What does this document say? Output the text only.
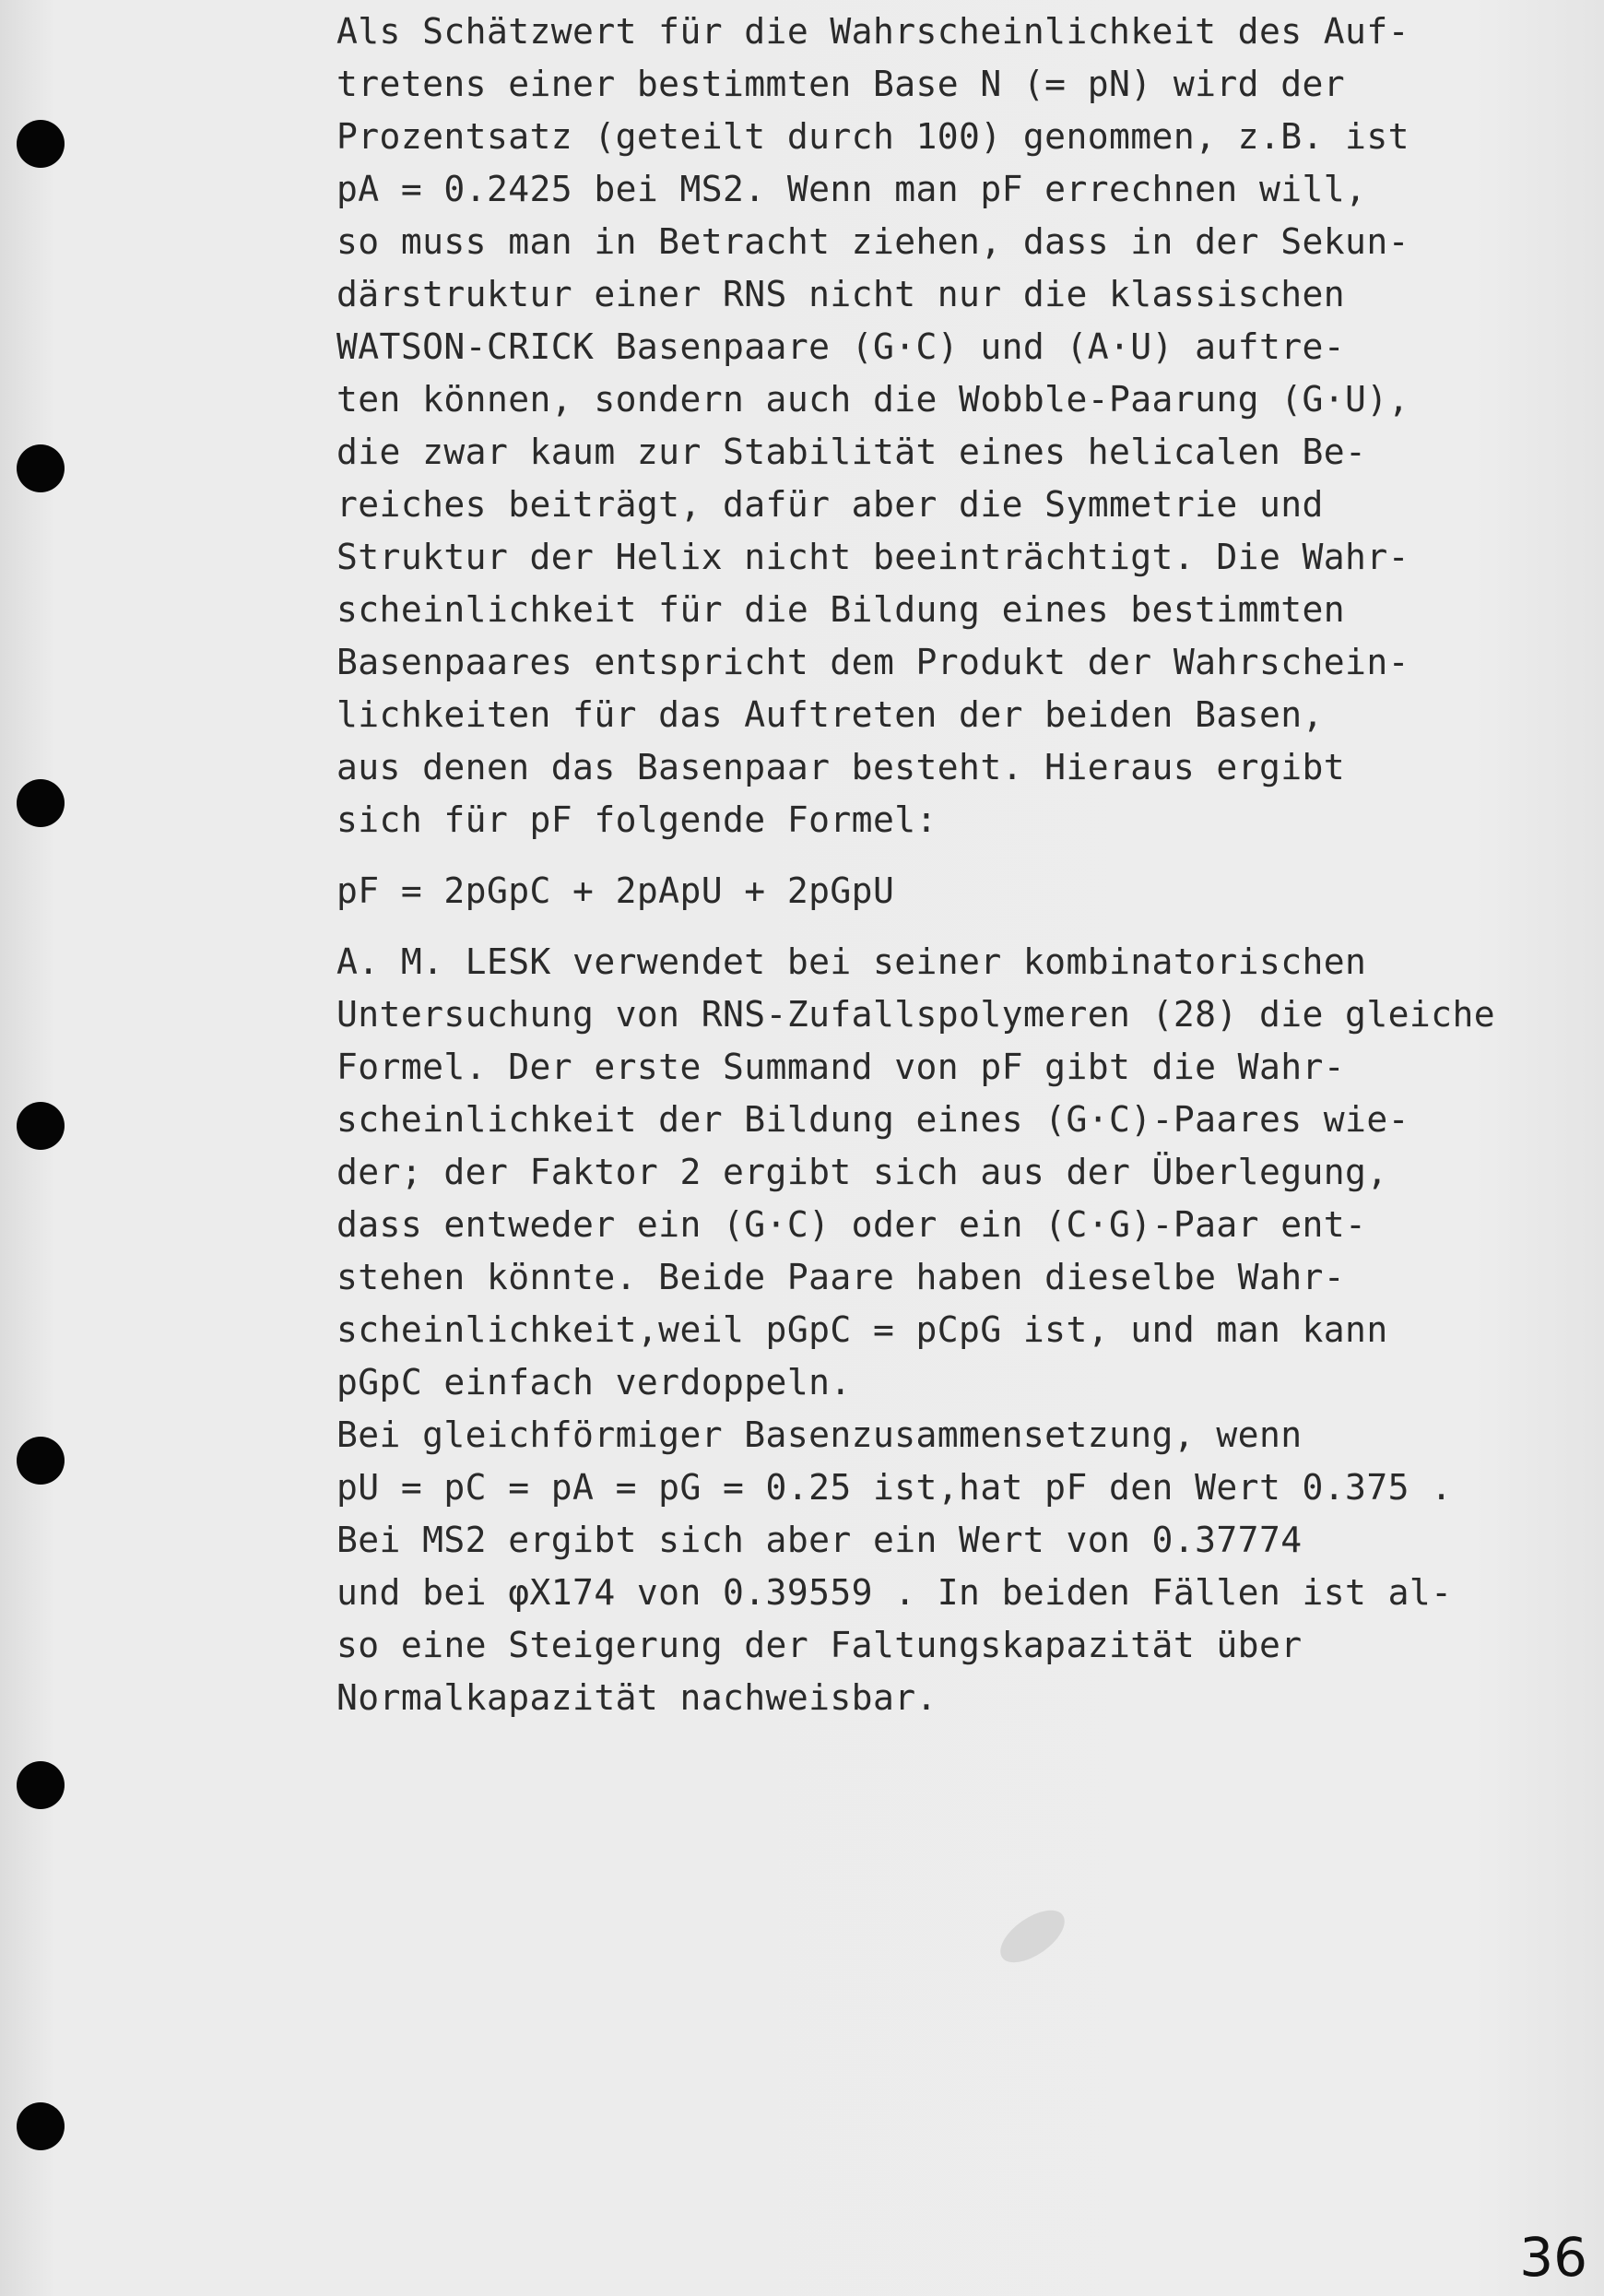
Als Schätzwert für die Wahrscheinlichkeit des Auf-
tretens einer bestimmten Base N (= pN) wird der
Prozentsatz (geteilt durch 100) genommen, z.B. ist
pA = 0.2425 bei MS2. Wenn man pF errechnen will,
so muss man in Betracht ziehen, dass in der Sekun-
därstruktur einer RNS nicht nur die klassischen
WATSON-CRICK Basenpaare (G·C) und (A·U) auftre-
ten können, sondern auch die Wobble-Paarung (G·U),
die zwar kaum zur Stabilität eines helicalen Be-
reiches beiträgt, dafür aber die Symmetrie und
Struktur der Helix nicht beeinträchtigt. Die Wahr-
scheinlichkeit für die Bildung eines bestimmten
Basenpaares entspricht dem Produkt der Wahrschein-
lichkeiten für das Auftreten der beiden Basen,
aus denen das Basenpaar besteht. Hieraus ergibt
sich für pF folgende Formel:
pF = 2pGpC + 2pApU + 2pGpU
A. M. LESK verwendet bei seiner kombinatorischen
Untersuchung von RNS-Zufallspolymeren (28) die gleiche
Formel. Der erste Summand von pF gibt die Wahr-
scheinlichkeit der Bildung eines (G·C)-Paares wie-
der; der Faktor 2 ergibt sich aus der Überlegung,
dass entweder ein (G·C) oder ein (C·G)-Paar ent-
stehen könnte. Beide Paare haben dieselbe Wahr-
scheinlichkeit,weil pGpC = pCpG ist, und man kann
pGpC einfach verdoppeln.
Bei gleichförmiger Basenzusammensetzung, wenn
pU = pC = pA = pG = 0.25 ist,hat pF den Wert 0.375 .
Bei MS2 ergibt sich aber ein Wert von 0.37774
und bei φX174 von 0.39559 . In beiden Fällen ist al-
so eine Steigerung der Faltungskapazität über
Normalkapazität nachweisbar.
36
